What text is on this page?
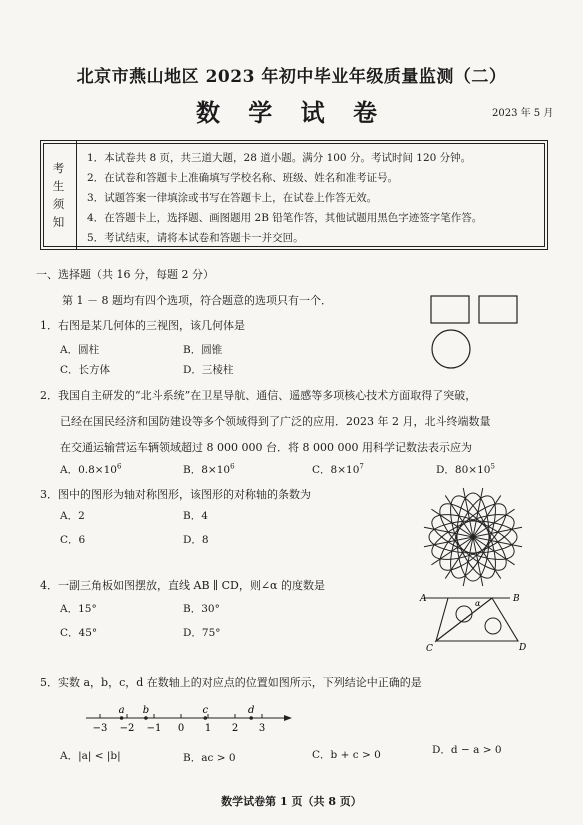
北京市燕山地区 2023 年初中毕业年级质量监测（二）
数 学 试 卷	2023 年 5 月
考
生
须
知
1．本试卷共 8 页，共三道大题，28 道小题。满分 100 分。考试时间 120 分钟。
2．在试卷和答题卡上准确填写学校名称、班级、姓名和准考证号。
3．试题答案一律填涂或书写在答题卡上，在试卷上作答无效。
4．在答题卡上，选择题、画图题用 2B 铅笔作答，其他试题用黑色字迹签字笔作答。
5．考试结束，请将本试卷和答题卡一并交回。
一、选择题（共 16 分，每题 2 分）
第 1 － 8 题均有四个选项，符合题意的选项只有一个．
1．右图是某几何体的三视图，该几何体是
A．圆柱	B．圆锥
C．长方体	D．三棱柱
2．我国自主研发的“北斗系统”在卫星导航、通信、遥感等多项核心技术方面取得了突破，
已经在国民经济和国防建设等多个领域得到了广泛的应用．2023 年 2 月，北斗终端数量
在交通运输营运车辆领域超过 8 000 000 台．将 8 000 000 用科学记数法表示应为
A．$0.8\times 10^6$	B．$8\times 10^6$	C．$8\times 10^7$	D．$80\times 10^5$
3．图中的图形为轴对称图形，该图形的对称轴的条数为
A．2	B．4
C．6	D．8
4．一副三角板如图摆放，直线 AB ∥ CD，则∠α 的度数是
A．15°	B．30°
C．45°	D．75°
A	B
C	D
α
5．实数 a，b，c，d 在数轴上的对应点的位置如图所示，下列结论中正确的是
−3 −2 −1 0 1 2 3
a b	c	d
A．|a| < |b|	B．ac > 0	C．b + c > 0	D．d − a > 0
数学试卷第 1 页（共 8 页）
